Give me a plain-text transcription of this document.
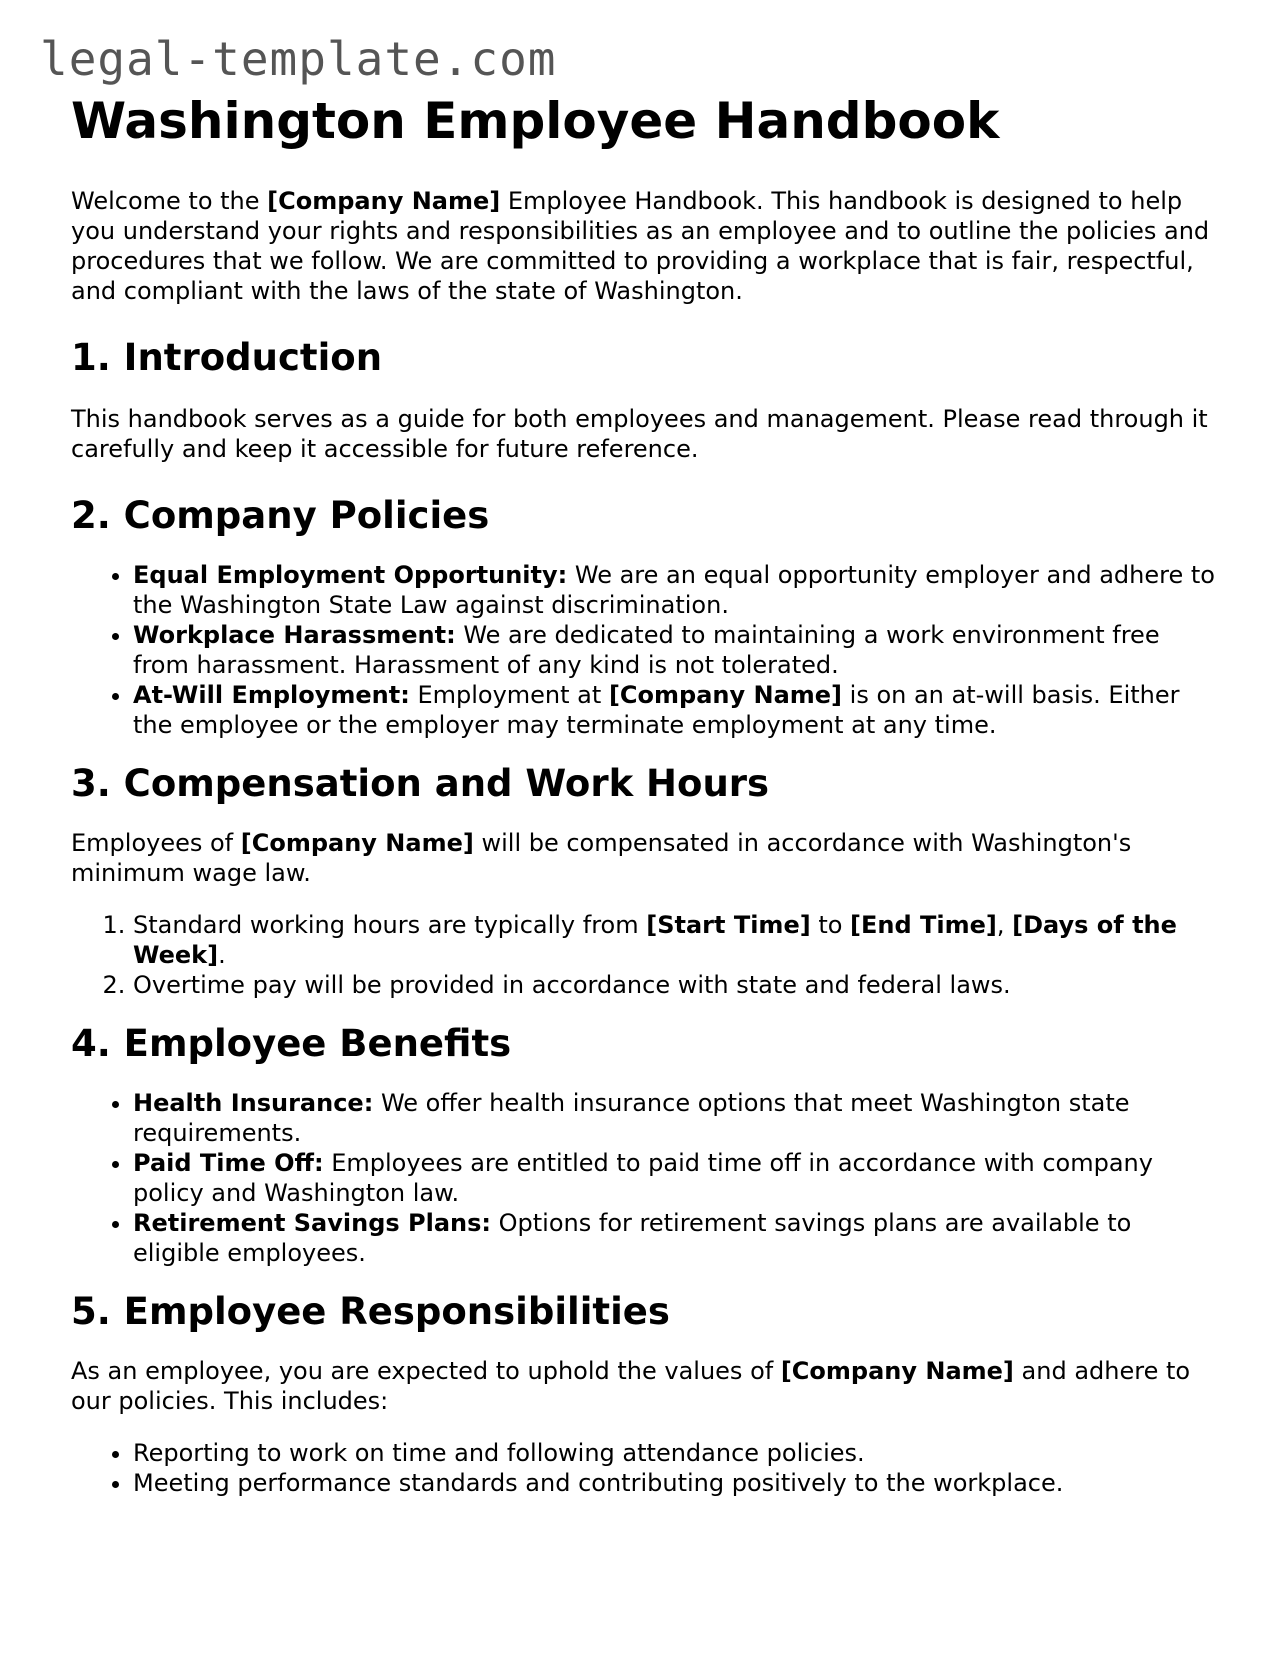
legal-template.com
Washington Employee Handbook

Welcome to the [Company Name] Employee Handbook. This handbook is designed to help you understand your rights and responsibilities as an employee and to outline the policies and procedures that we follow. We are committed to providing a workplace that is fair, respectful, and compliant with the laws of the state of Washington.

1. Introduction

This handbook serves as a guide for both employees and management. Please read through it carefully and keep it accessible for future reference.

2. Company Policies
• Equal Employment Opportunity: We are an equal opportunity employer and adhere to the Washington State Law against discrimination.
• Workplace Harassment: We are dedicated to maintaining a work environment free from harassment. Harassment of any kind is not tolerated.
• At-Will Employment: Employment at [Company Name] is on an at-will basis. Either the employee or the employer may terminate employment at any time.
3. Compensation and Work Hours

Employees of [Company Name] will be compensated in accordance with Washington's minimum wage law.

1. Standard working hours are typically from [Start Time] to [End Time], [Days of the Week].
2. Overtime pay will be provided in accordance with state and federal laws.
4. Employee Benefits
• Health Insurance: We offer health insurance options that meet Washington state requirements.
• Paid Time Off: Employees are entitled to paid time off in accordance with company policy and Washington law.
• Retirement Savings Plans: Options for retirement savings plans are available to eligible employees.
5. Employee Responsibilities

As an employee, you are expected to uphold the values of [Company Name] and adhere to our policies. This includes:

• Reporting to work on time and following attendance policies.
• Meeting performance standards and contributing positively to the workplace.
